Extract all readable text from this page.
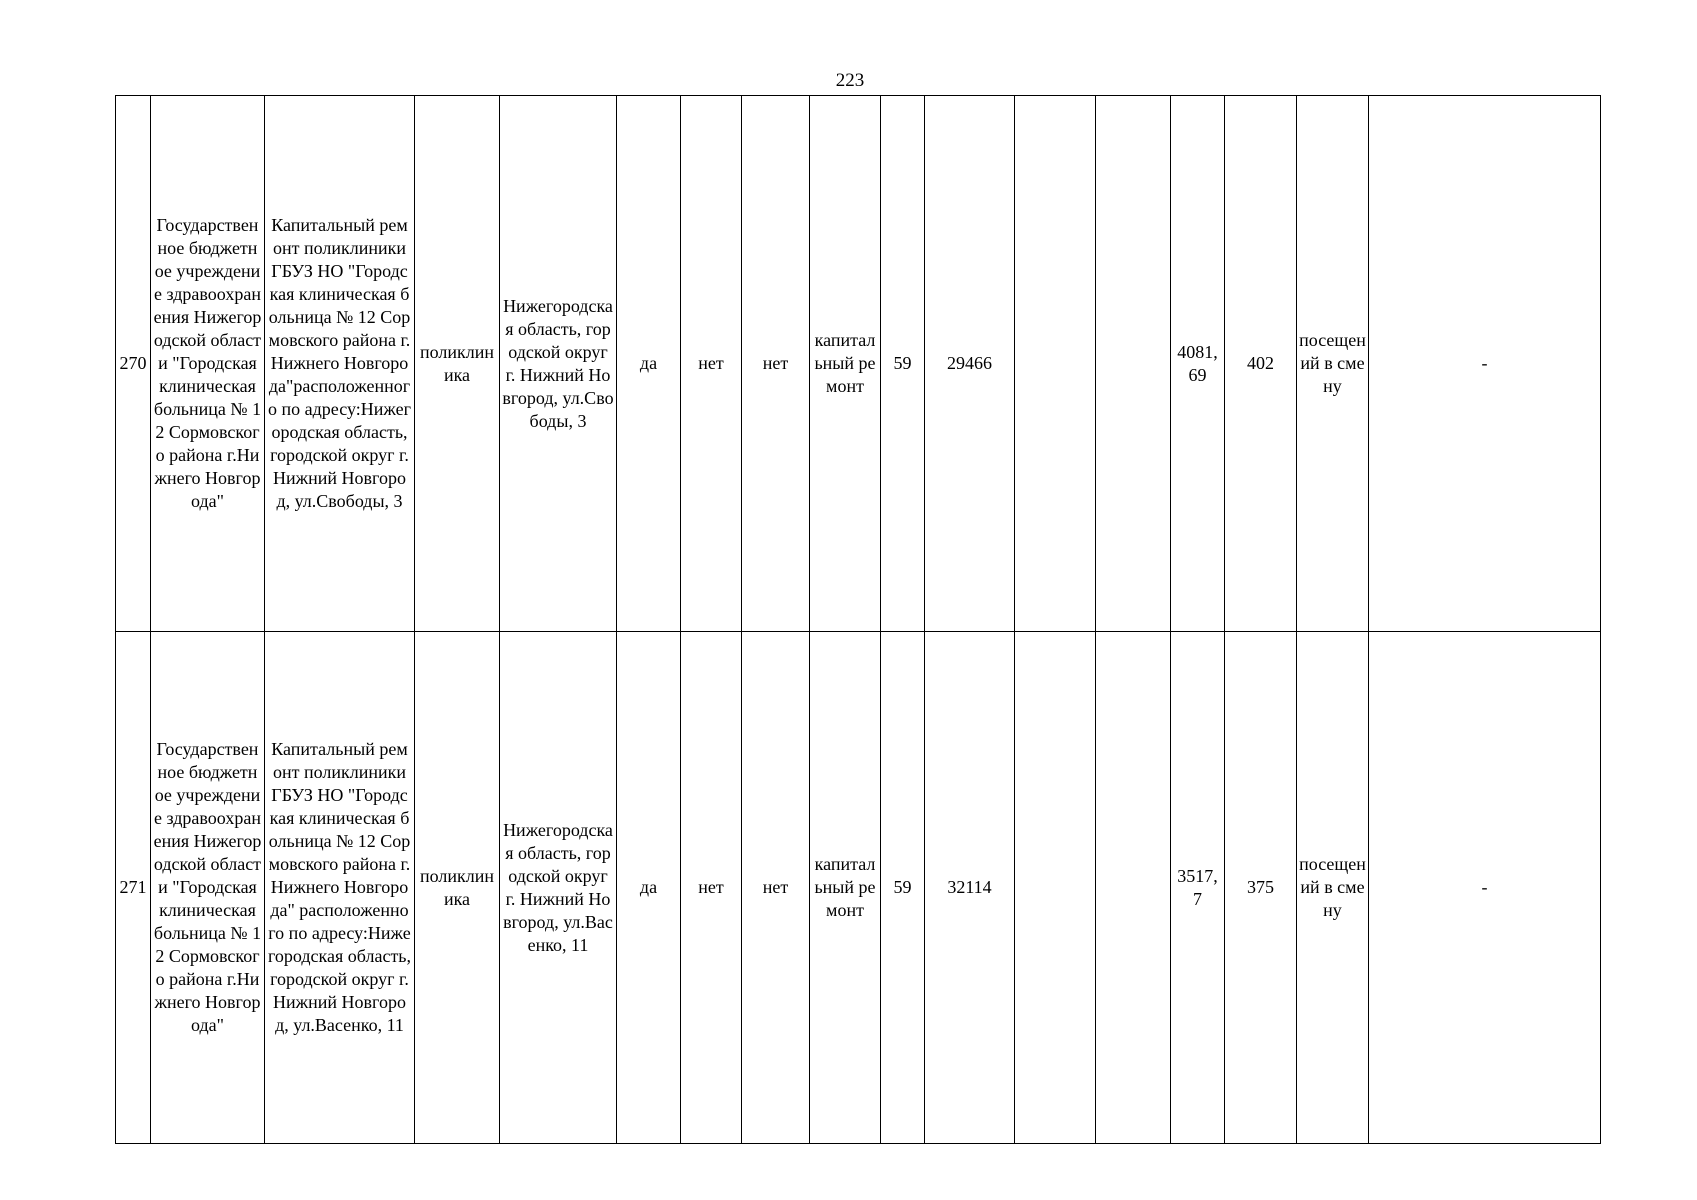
223
270	Государственное бюджетное учреждение здравоохранения Нижегородской области "Городская клиническая больница № 12 Сормовского района г.Нижнего Новгорода"	Капитальный ремонт поликлиники ГБУЗ НО "Городская клиническая больница № 12 Сормовского района г.Нижнего Новгорода"расположенного по адресу:Нижегородская область, городской округ г. Нижний Новгород, ул.Свободы, 3	поликлиника	Нижегородская область, городской округ г. Нижний Новгород, ул.Свободы, 3	да	нет	нет	капитальный ремонт	59	29466			4081,69	402	посещений в смену	-

271	Государственное бюджетное учреждение здравоохранения Нижегородской области "Городская клиническая больница № 12 Сормовского района г.Нижнего Новгорода"	Капитальный ремонт поликлиники ГБУЗ НО "Городская клиническая больница № 12 Сормовского района г.Нижнего Новгорода" расположенного по адресу:Нижегородская область, городской округ г. Нижний Новгород, ул.Васенко, 11	поликлиника	Нижегородская область, городской округ г. Нижний Новгород, ул.Васенко, 11	да	нет	нет	капитальный ремонт	59	32114			3517,7	375	посещений в смену	-
